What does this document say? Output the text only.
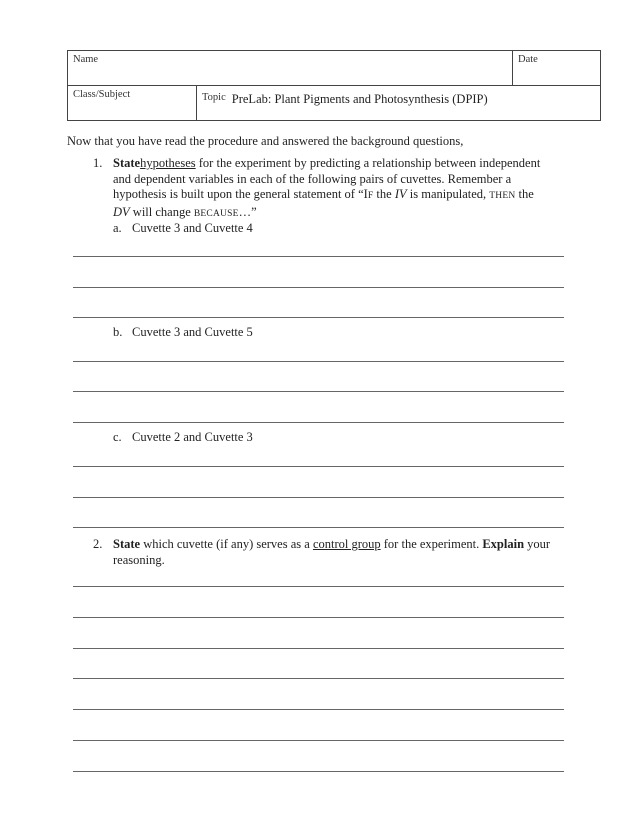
Name		Date
Class/Subject	Topic PreLab: Plant Pigments and Photosynthesis (DPIP)	
Now that you have read the procedure and answered the background questions,
1. Statehypotheses for the experiment by predicting a relationship between independent and dependent variables in each of the following pairs of cuvettes. Remember a hypothesis is built upon the general statement of “IF the IV is manipulated, THEN the DV will change BECAUSE…”
a. Cuvette 3 and Cuvette 4
b. Cuvette 3 and Cuvette 5
c. Cuvette 2 and Cuvette 3
2. State which cuvette (if any) serves as a control group for the experiment. Explain your reasoning.
